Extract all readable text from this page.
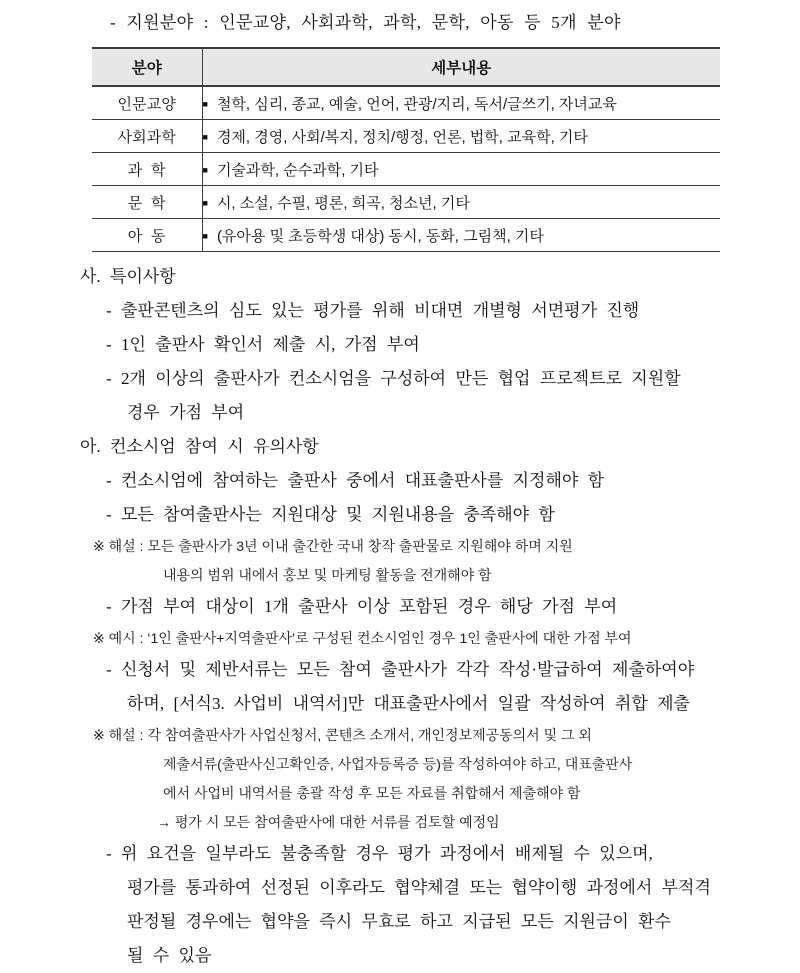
- 지원분야 : 인문교양, 사회과학, 과학, 문학, 아동 등 5개 분야
분야	세부내용
인문교양	■ 철학, 심리, 종교, 예술, 언어, 관광/지리, 독서/글쓰기, 자녀교육
사회과학	■ 경제, 경영, 사회/복지, 정치/행정, 언론, 법학, 교육학, 기타
과  학	■ 기술과학, 순수과학, 기타
문  학	■ 시, 소설, 수필, 평론, 희곡, 청소년, 기타
아  동	■ (유아용 및 초등학생 대상) 동시, 동화, 그림책, 기타
사. 특이사항
- 출판콘텐츠의 심도 있는 평가를 위해 비대면 개별형 서면평가 진행
- 1인 출판사 확인서 제출 시, 가점 부여
- 2개 이상의 출판사가 컨소시엄을 구성하여 만든 협업 프로젝트로 지원할
경우 가점 부여
아. 컨소시엄 참여 시 유의사항
- 컨소시엄에 참여하는 출판사 중에서 대표출판사를 지정해야 함
- 모든 참여출판사는 지원대상 및 지원내용을 충족해야 함
※ 해설 : 모든 출판사가 3년 이내 출간한 국내 창작 출판물로 지원해야 하며 지원
내용의 범위 내에서 홍보 및 마케팅 활동을 전개해야 함
- 가점 부여 대상이 1개 출판사 이상 포함된 경우 해당 가점 부여
※ 예시 : ‘1인 출판사+지역출판사’로 구성된 컨소시엄인 경우 1인 출판사에 대한 가점 부여
- 신청서 및 제반서류는 모든 참여 출판사가 각각 작성·발급하여 제출하여야
하며, [서식3. 사업비 내역서]만 대표출판사에서 일괄 작성하여 취합 제출
※ 해설 : 각 참여출판사가 사업신청서, 콘텐츠 소개서, 개인정보제공동의서 및 그 외
제출서류(출판사신고확인증, 사업자등록증 등)를 작성하여야 하고, 대표출판사
에서 사업비 내역서를 총괄 작성 후 모든 자료를 취합해서 제출해야 함
→ 평가 시 모든 참여출판사에 대한 서류를 검토할 예정임
- 위 요건을 일부라도 불충족할 경우 평가 과정에서 배제될 수 있으며,
평가를 통과하여 선정된 이후라도 협약체결 또는 협약이행 과정에서 부적격
판정될 경우에는 협약을 즉시 무효로 하고 지급된 모든 지원금이 환수
될 수 있음
